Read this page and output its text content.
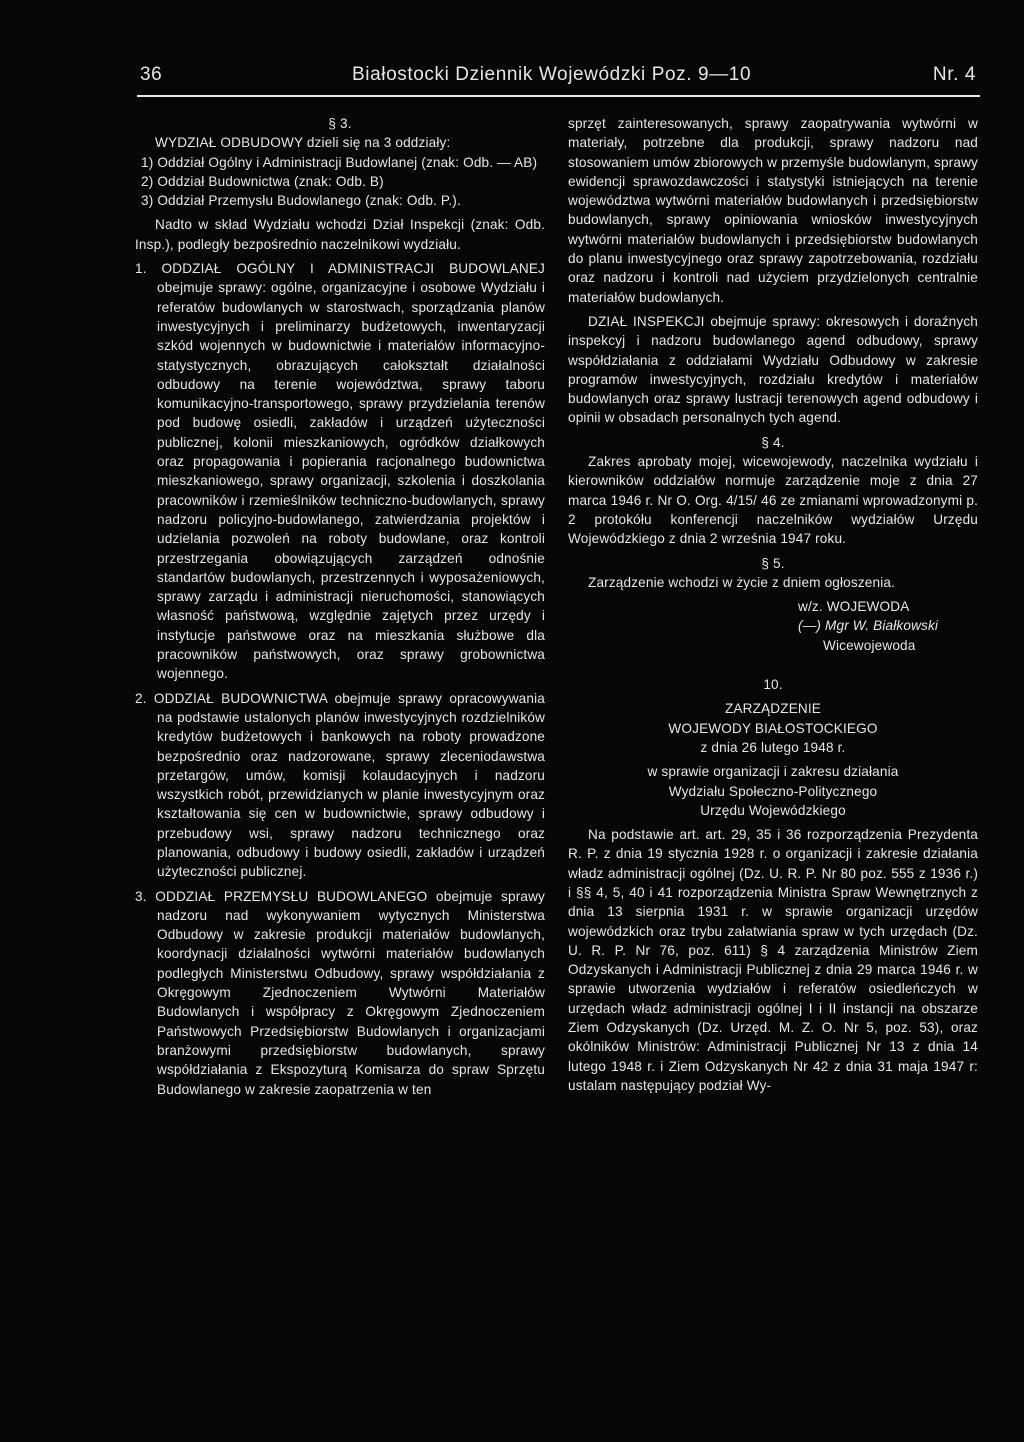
36	Białostocki Dziennik Wojewódzki Poz. 9—10	Nr. 4

§ 3.

WYDZIAŁ ODBUDOWY dzieli się na 3 oddziały:

1) Oddział Ogólny i Administracji Budowlanej (znak: Odb. — AB)

2) Oddział Budownictwa (znak: Odb. B)

3) Oddział Przemysłu Budowlanego (znak: Odb. P.).

Nadto w skład Wydziału wchodzi Dział Inspekcji (znak: Odb. Insp.), podległy bezpośrednio naczelnikowi wydziału.

1. ODDZIAŁ OGÓLNY I ADMINISTRACJI BUDOWLANEJ obejmuje sprawy: ogólne, organizacyjne i osobowe Wydziału i referatów budowlanych w starostwach, sporządzania planów inwestycyjnych i preliminarzy budżetowych, inwentaryzacji szkód wojennych w budownictwie i materiałów informacyjno-statystycznych, obrazujących całokształt działalności odbudowy na terenie województwa, sprawy taboru komunikacyjno-transportowego, sprawy przydzielania terenów pod budowę osiedli, zakładów i urządzeń użyteczności publicznej, kolonii mieszkaniowych, ogródków działkowych oraz propagowania i popierania racjonalnego budownictwa mieszkaniowego, sprawy organizacji, szkolenia i doszkolania pracowników i rzemieślników techniczno-budowlanych, sprawy nadzoru policyjno-budowlanego, zatwierdzania projektów i udzielania pozwoleń na roboty budowlane, oraz kontroli przestrzegania obowiązujących zarządzeń odnośnie standartów budowlanych, przestrzennych i wyposażeniowych, sprawy zarządu i administracji nieruchomości, stanowiących własność państwową, względnie zajętych przez urzędy i instytucje państwowe oraz na mieszkania służbowe dla pracowników państwowych, oraz sprawy grobownictwa wojennego.

2. ODDZIAŁ BUDOWNICTWA obejmuje sprawy opracowywania na podstawie ustalonych planów inwestycyjnych rozdzielników kredytów budżetowych i bankowych na roboty prowadzone bezpośrednio oraz nadzorowane, sprawy zleceniodawstwa przetargów, umów, komisji kolaudacyjnych i nadzoru wszystkich robót, przewidzianych w planie inwestycyjnym oraz kształtowania się cen w budownictwie, sprawy odbudowy i przebudowy wsi, sprawy nadzoru technicznego oraz planowania, odbudowy i budowy osiedli, zakładów i urządzeń użyteczności publicznej.

3. ODDZIAŁ PRZEMYSŁU BUDOWLANEGO obejmuje sprawy nadzoru nad wykonywaniem wytycznych Ministerstwa Odbudowy w zakresie produkcji materiałów budowlanych, koordynacji działalności wytwórni materiałów budowlanych podległych Ministerstwu Odbudowy, sprawy współdziałania z Okręgowym Zjednoczeniem Wytwórni Materiałów Budowlanych i współpracy z Okręgowym Zjednoczeniem Państwowych Przedsiębiorstw Budowlanych i organizacjami branżowymi przedsiębiorstw budowlanych, sprawy współdziałania z Ekspozyturą Komisarza do spraw Sprzętu Budowlanego w zakresie zaopatrzenia w ten

sprzęt zainteresowanych, sprawy zaopatrywania wytwórni w materiały, potrzebne dla produkcji, sprawy nadzoru nad stosowaniem umów zbiorowych w przemyśle budowlanym, sprawy ewidencji sprawozdawczości i statystyki istniejących na terenie województwa wytwórni materiałów budowlanych i przedsiębiorstw budowlanych, sprawy opiniowania wniosków inwestycyjnych wytwórni materiałów budowlanych i przedsiębiorstw budowlanych do planu inwestycyjnego oraz sprawy zapotrzebowania, rozdziału oraz nadzoru i kontroli nad użyciem przydzielonych centralnie materiałów budowlanych.

DZIAŁ INSPEKCJI obejmuje sprawy: okresowych i doraźnych inspekcyj i nadzoru budowlanego agend odbudowy, sprawy współdziałania z oddziałami Wydziału Odbudowy w zakresie programów inwestycyjnych, rozdziału kredytów i materiałów budowlanych oraz sprawy lustracji terenowych agend odbudowy i opinii w obsadach personalnych tych agend.

§ 4.

Zakres aprobaty mojej, wicewojewody, naczelnika wydziału i kierowników oddziałów normuje zarządzenie moje z dnia 27 marca 1946 r. Nr O. Org. 4/15/ 46 ze zmianami wprowadzonymi p. 2 protokółu konferencji naczelników wydziałów Urzędu Wojewódzkiego z dnia 2 września 1947 roku.

§ 5.

Zarządzenie wchodzi w życie z dniem ogłoszenia.

w/z. WOJEWODA

(—) Mgr W. Białkowski

Wicewojewoda

10.

ZARZĄDZENIE

WOJEWODY BIAŁOSTOCKIEGO

z dnia 26 lutego 1948 r.

w sprawie organizacji i zakresu działania

Wydziału Społeczno-Politycznego

Urzędu Wojewódzkiego

Na podstawie art. art. 29, 35 i 36 rozporządzenia Prezydenta R. P. z dnia 19 stycznia 1928 r. o organizacji i zakresie działania władz administracji ogólnej (Dz. U. R. P. Nr 80 poz. 555 z 1936 r.) i §§ 4, 5, 40 i 41 rozporządzenia Ministra Spraw Wewnętrznych z dnia 13 sierpnia 1931 r. w sprawie organizacji urzędów wojewódzkich oraz trybu załatwiania spraw w tych urzędach (Dz. U. R. P. Nr 76, poz. 611) § 4 zarządzenia Ministrów Ziem Odzyskanych i Administracji Publicznej z dnia 29 marca 1946 r. w sprawie utworzenia wydziałów i referatów osiedleńczych w urzędach władz administracji ogólnej I i II instancji na obszarze Ziem Odzyskanych (Dz. Urzęd. M. Z. O. Nr 5, poz. 53), oraz okólników Ministrów: Administracji Publicznej Nr 13 z dnia 14 lutego 1948 r. i Ziem Odzyskanych Nr 42 z dnia 31 maja 1947 r: ustalam następujący podział Wy-
